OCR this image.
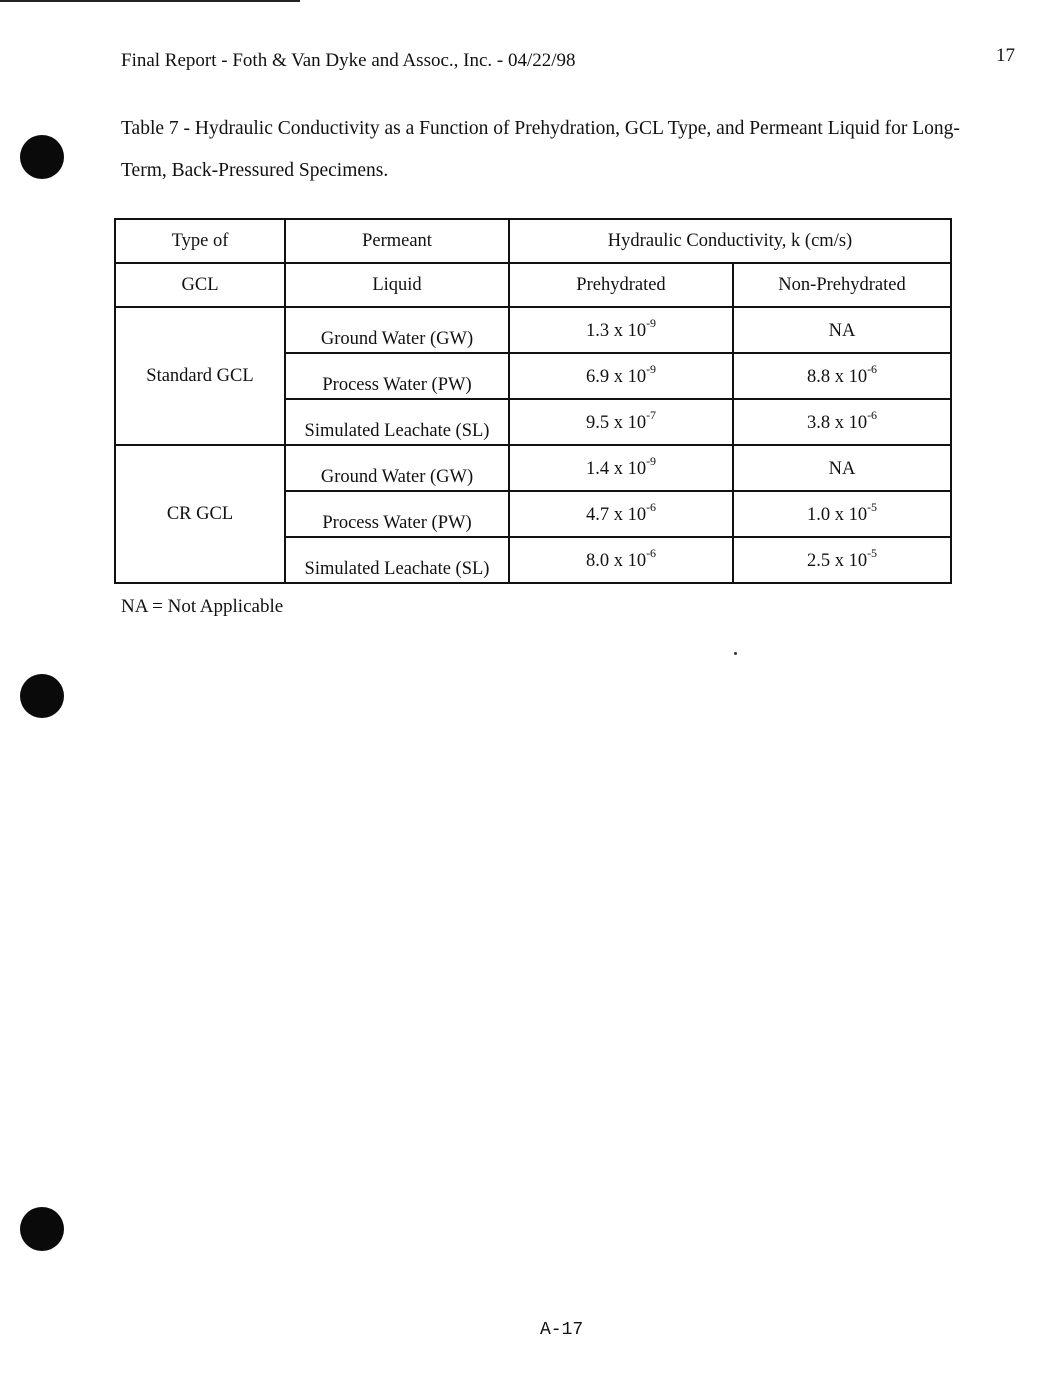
Final Report - Foth & Van Dyke and Assoc., Inc. - 04/22/98	17
Table 7 - Hydraulic Conductivity as a Function of Prehydration, GCL Type, and Permeant Liquid for Long-Term, Back-Pressured Specimens.
Type of	Permeant	Hydraulic Conductivity, k (cm/s)	
GCL	Liquid	Prehydrated	Non-Prehydrated
Standard GCL	Ground Water (GW)	1.3 x $10^{-9}$	NA
	Process Water (PW)	6.9 x $10^{-9}$	8.8 x $10^{-6}$
	Simulated Leachate (SL)	9.5 x $10^{-7}$	3.8 x $10^{-6}$
CR GCL	Ground Water (GW)	1.4 x $10^{-9}$	NA
	Process Water (PW)	4.7 x $10^{-6}$	1.0 x $10^{-5}$
	Simulated Leachate (SL)	8.0 x $10^{-6}$	2.5 x $10^{-5}$
NA = Not Applicable
A-17
